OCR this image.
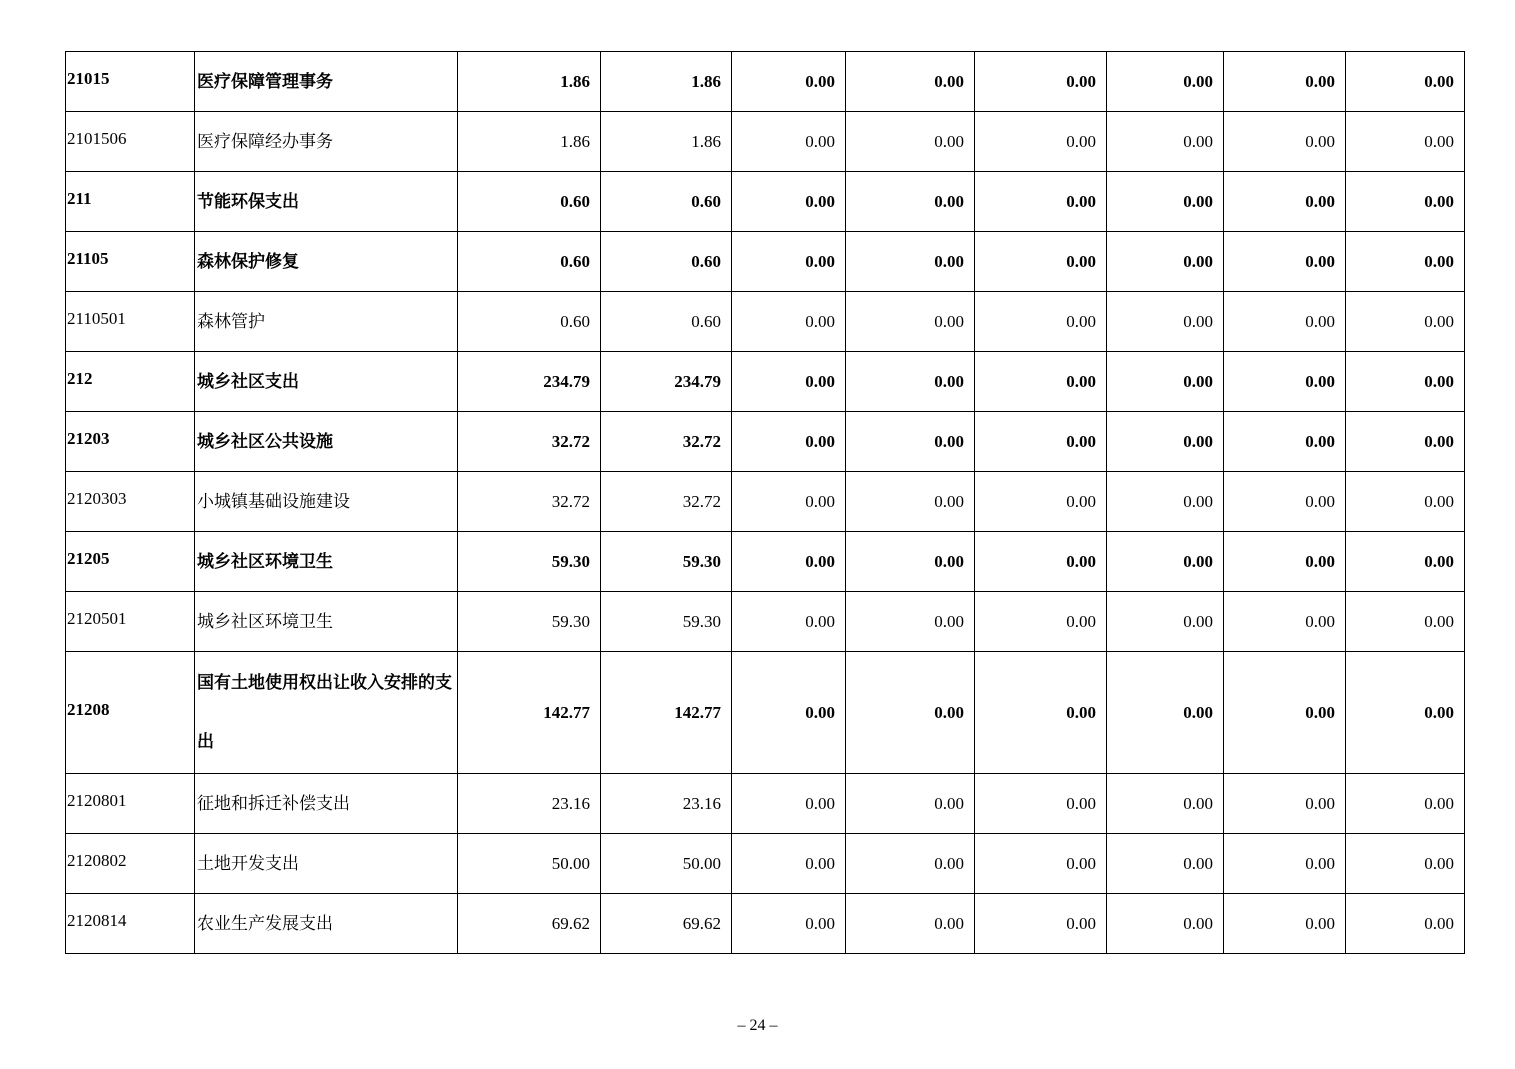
21015	医疗保障管理事务	1.86	1.86	0.00	0.00	0.00	0.00	0.00	0.00
2101506	医疗保障经办事务	1.86	1.86	0.00	0.00	0.00	0.00	0.00	0.00
211	节能环保支出	0.60	0.60	0.00	0.00	0.00	0.00	0.00	0.00
21105	森林保护修复	0.60	0.60	0.00	0.00	0.00	0.00	0.00	0.00
2110501	森林管护	0.60	0.60	0.00	0.00	0.00	0.00	0.00	0.00
212	城乡社区支出	234.79	234.79	0.00	0.00	0.00	0.00	0.00	0.00
21203	城乡社区公共设施	32.72	32.72	0.00	0.00	0.00	0.00	0.00	0.00
2120303	小城镇基础设施建设	32.72	32.72	0.00	0.00	0.00	0.00	0.00	0.00
21205	城乡社区环境卫生	59.30	59.30	0.00	0.00	0.00	0.00	0.00	0.00
2120501	城乡社区环境卫生	59.30	59.30	0.00	0.00	0.00	0.00	0.00	0.00
21208	国有土地使用权出让收入安排的支出	142.77	142.77	0.00	0.00	0.00	0.00	0.00	0.00
2120801	征地和拆迁补偿支出	23.16	23.16	0.00	0.00	0.00	0.00	0.00	0.00
2120802	土地开发支出	50.00	50.00	0.00	0.00	0.00	0.00	0.00	0.00
2120814	农业生产发展支出	69.62	69.62	0.00	0.00	0.00	0.00	0.00	0.00
– 24 –
